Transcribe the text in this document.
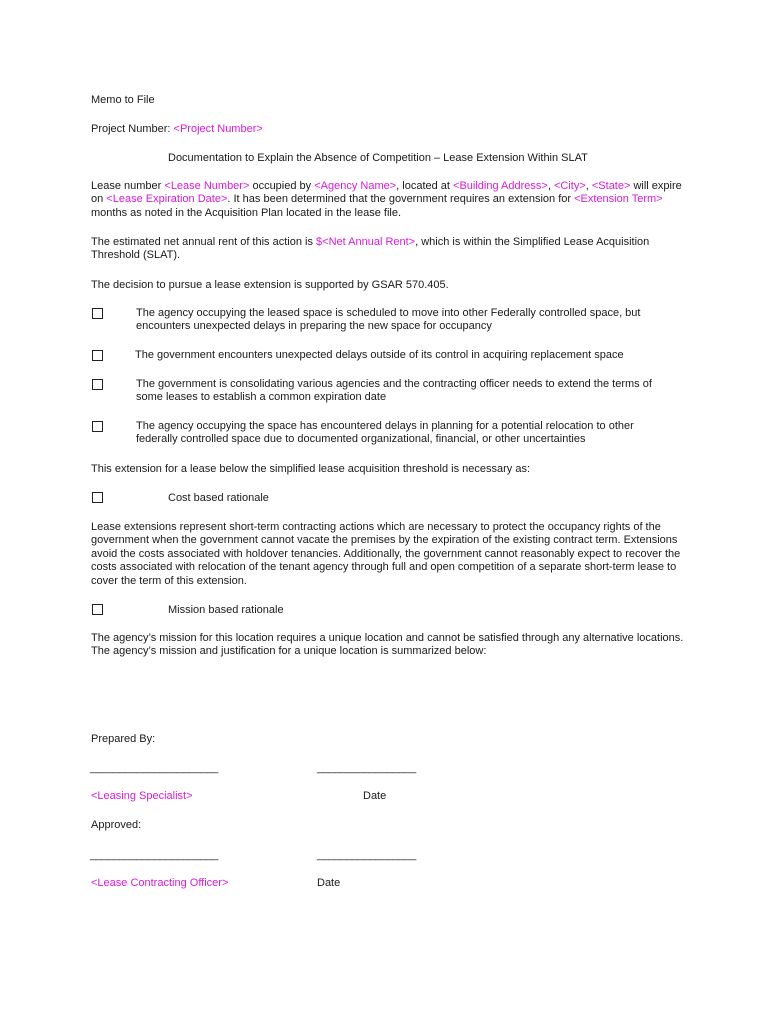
Memo to File
Project Number: <Project Number>
Documentation to Explain the Absence of Competition – Lease Extension Within SLAT
Lease number <Lease Number> occupied by <Agency Name>, located at <Building Address>, <City>, <State> will expire on <Lease Expiration Date>. It has been determined that the government requires an extension for <Extension Term> months as noted in the Acquisition Plan located in the lease file.
The estimated net annual rent of this action is $<Net Annual Rent>, which is within the Simplified Lease Acquisition Threshold (SLAT).
The decision to pursue a lease extension is supported by GSAR 570.405.
The agency occupying the leased space is scheduled to move into other Federally controlled space, but encounters unexpected delays in preparing the new space for occupancy
The government encounters unexpected delays outside of its control in acquiring replacement space
The government is consolidating various agencies and the contracting officer needs to extend the terms of some leases to establish a common expiration date
The agency occupying the space has encountered delays in planning for a potential relocation to other federally controlled space due to documented organizational, financial, or other uncertainties
This extension for a lease below the simplified lease acquisition threshold is necessary as:
Cost based rationale
Lease extensions represent short-term contracting actions which are necessary to protect the occupancy rights of the government when the government cannot vacate the premises by the expiration of the existing contract term. Extensions avoid the costs associated with holdover tenancies. Additionally, the government cannot reasonably expect to recover the costs associated with relocation of the tenant agency through full and open competition of a separate short-term lease to cover the term of this extension.
Mission based rationale
The agency’s mission for this location requires a unique location and cannot be satisfied through any alternative locations. The agency’s mission and justification for a unique location is summarized below:
Prepared By:
______________________	_________________
<Leasing Specialist>	Date
Approved:
______________________	_________________
<Lease Contracting Officer>	Date
